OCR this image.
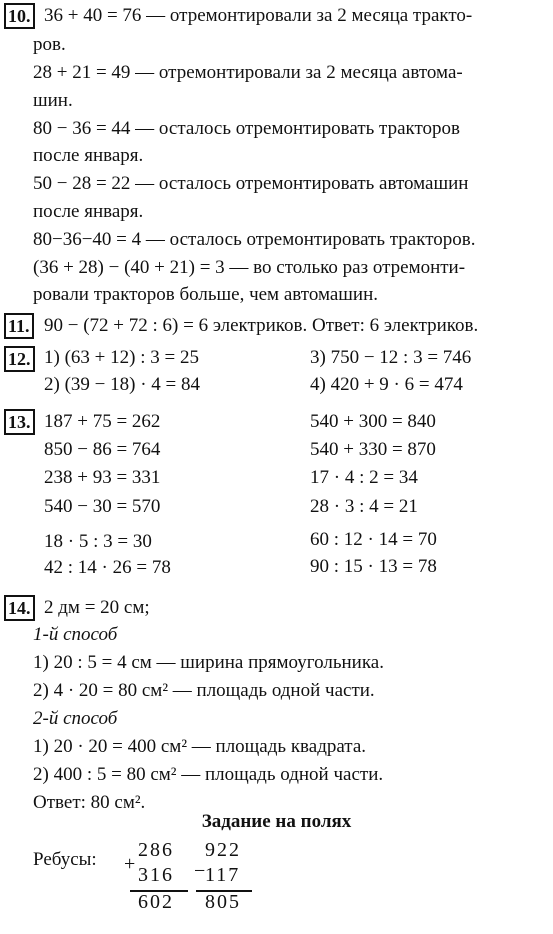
10. 36 + 40 = 76 — отремонтировали за 2 месяца тракто-
ров.
28 + 21 = 49 — отремонтировали за 2 месяца автома-
шин.
80 − 36 = 44 — осталось отремонтировать тракторов
после января.
50 − 28 = 22 — осталось отремонтировать автомашин
после января.
80−36−40 = 4 — осталось отремонтировать тракторов.
(36 + 28) − (40 + 21) = 3 — во столько раз отремонти-
ровали тракторов больше, чем автомашин.
11. 90 − (72 + 72 : 6) = 6 электриков. Ответ: 6 электриков.
12. 1) (63 + 12) : 3 = 25
2) (39 − 18) · 4 = 84
3) 750 − 12 : 3 = 746
4) 420 + 9 · 6 = 474
13. 187 + 75 = 262
850 − 86 = 764
238 + 93 = 331
540 − 30 = 570
18 · 5 : 3 = 30
42 : 14 · 26 = 78
540 + 300 = 840
540 + 330 = 870
17 · 4 : 2 = 34
28 · 3 : 4 = 21
60 : 12 · 14 = 70
90 : 15 · 13 = 78
14. 2 дм = 20 см;
1-й способ
1) 20 : 5 = 4 см — ширина прямоугольника.
2) 4 · 20 = 80 см² — площадь одной части.
2-й способ
1) 20 · 20 = 400 см² — площадь квадрата.
2) 400 : 5 = 80 см² — площадь одной части.
Ответ: 80 см².
Задание на полях
Ребусы: 286
+ 316
602
922
− 117
805
